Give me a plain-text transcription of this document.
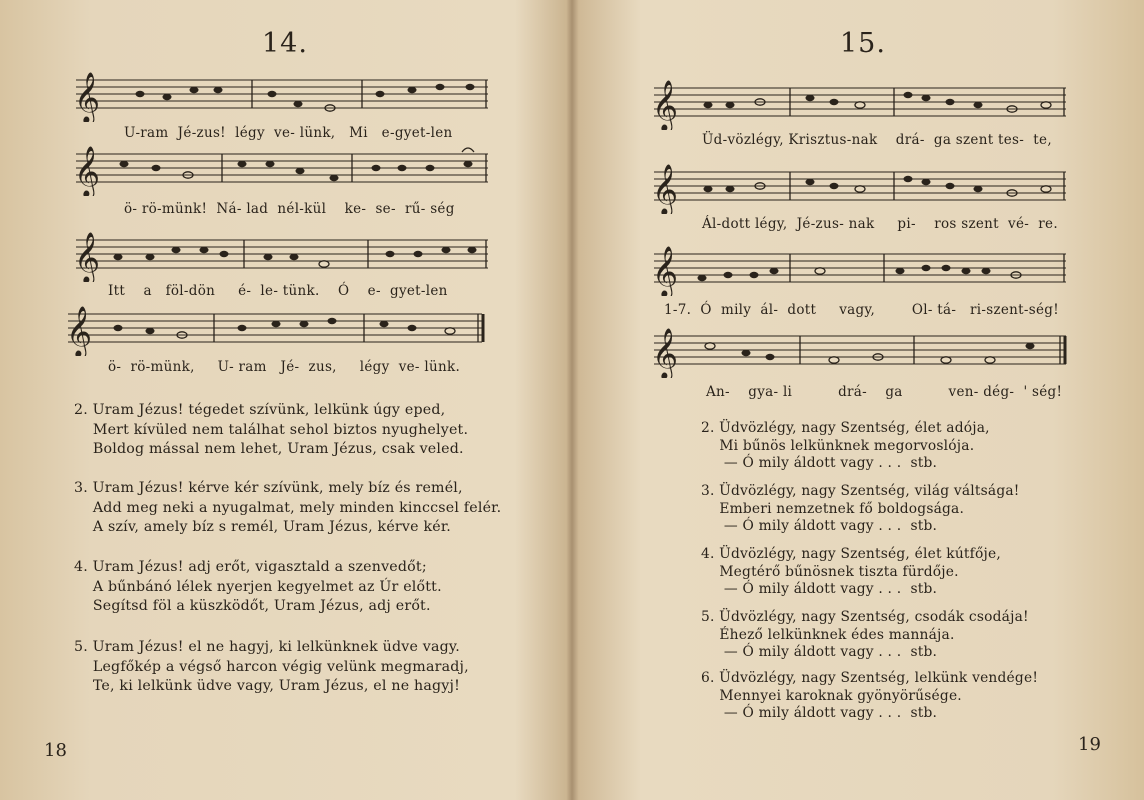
14.
𝄞
U-ram  Jé-zus!  légy  ve- lünk,   Mi   e-gyet-len
𝄞
ö- rö-münk!  Ná- lad  nél-kül    ke-  se-  rű- ség
𝄞
Itt    a   föl-dön     é-  le- tünk.    Ó    e-  gyet-len
𝄞
ö-  rö-münk,     U- ram   Jé-  zus,     légy  ve- lünk.
2. Uram Jézus! tégedet szívünk, lelkünk úgy eped,
Mert kívüled nem találhat sehol biztos nyughelyet.
Boldog mással nem lehet, Uram Jézus, csak veled.
3. Uram Jézus! kérve kér szívünk, mely bíz és remél,
Add meg neki a nyugalmat, mely minden kinccsel felér.
A szív, amely bíz s remél, Uram Jézus, kérve kér.
4. Uram Jézus! adj erőt, vigasztald a szenvedőt;
A bűnbánó lélek nyerjen kegyelmet az Úr előtt.
Segítsd föl a küszködőt, Uram Jézus, adj erőt.
5. Uram Jézus! el ne hagyj, ki lelkünknek üdve vagy.
Legfőkép a végső harcon végig velünk megmaradj,
Te, ki lelkünk üdve vagy, Uram Jézus, el ne hagyj!
18
15.
𝄞
Üd-vözlégy, Krisztus-nak    drá-  ga szent tes-  te,
𝄞
Ál-dott légy,  Jé-zus- nak     pi-    ros szent  vé-  re.
𝄞
1-7.  Ó  mily  ál-  dott     vagy,        Ol- tá-   ri-szent-ség!
𝄞
An-    gya- li          drá-    ga          ven- dég-  ' ség!
2. Üdvözlégy, nagy Szentség, élet adója,
Mi bűnös lelkünknek megorvoslója.
— Ó mily áldott vagy . . .  stb.
3. Üdvözlégy, nagy Szentség, világ váltsága!
Emberi nemzetnek fő boldogsága.
— Ó mily áldott vagy . . .  stb.
4. Üdvözlégy, nagy Szentség, élet kútfője,
Megtérő bűnösnek tiszta fürdője.
— Ó mily áldott vagy . . .  stb.
5. Üdvözlégy, nagy Szentség, csodák csodája!
Éhező lelkünknek édes mannája.
— Ó mily áldott vagy . . .  stb.
6. Üdvözlégy, nagy Szentség, lelkünk vendége!
Mennyei karoknak gyönyörűsége.
— Ó mily áldott vagy . . .  stb.
19
